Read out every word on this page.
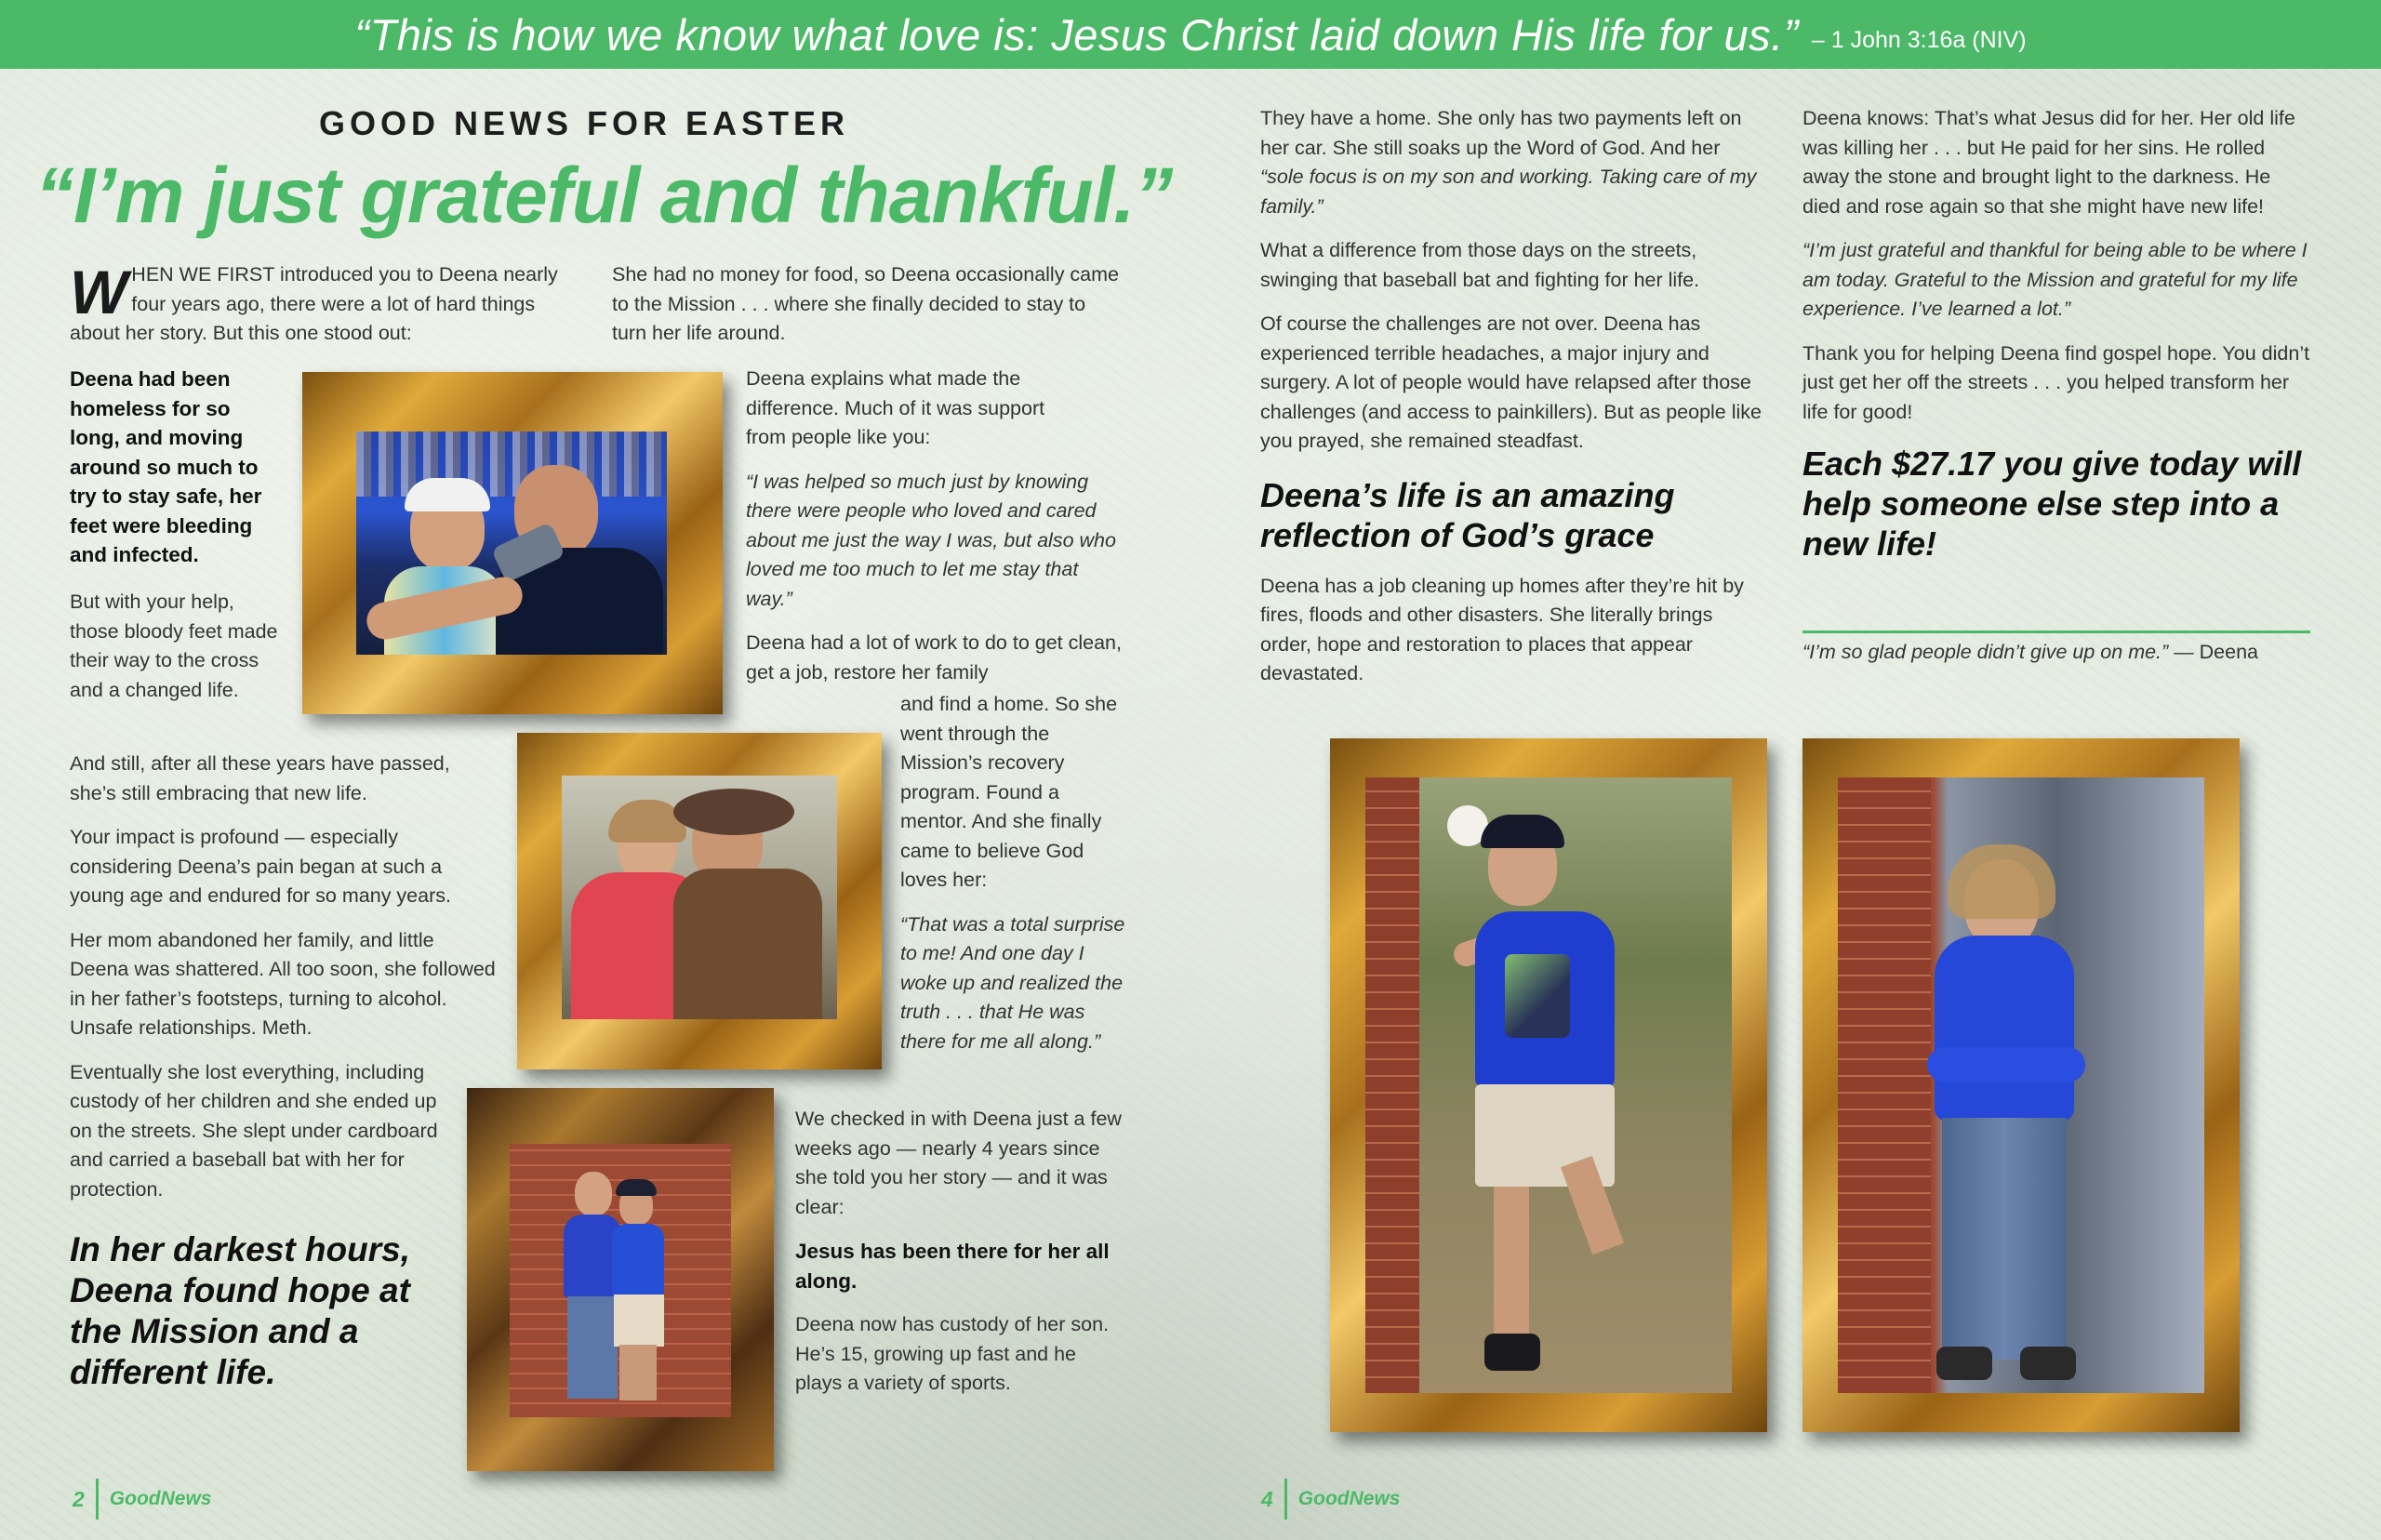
“This is how we know what love is: Jesus Christ laid down His life for us.” – 1 John 3:16a (NIV)
GOOD NEWS FOR EASTER
“I’m just grateful and thankful.”

WHEN WE FIRST introduced you to Deena nearly four years ago, there were a lot of hard things about her story. But this one stood out:

Deena had been homeless for so long, and moving around so much to try to stay safe, her feet were bleeding and infected.

But with your help, those bloody feet made their way to the cross and a changed life.

And still, after all these years have passed, she’s still embracing that new life.

Your impact is profound — especially considering Deena’s pain began at such a young age and endured for so many years.

Her mom abandoned her family, and little Deena was shattered. All too soon, she followed in her father’s footsteps, turning to alcohol. Unsafe relationships. Meth.

Eventually she lost everything, including custody of her children and she ended up on the streets. She slept under cardboard and carried a baseball bat with her for protection.

In her darkest hours, Deena found hope at the Mission and a different life.

She had no money for food, so Deena occasionally came to the Mission . . . where she finally decided to stay to turn her life around.

Deena explains what made the difference. Much of it was support from people like you:

“I was helped so much just by knowing there were people who loved and cared about me just the way I was, but also who loved me too much to let me stay that way.”

Deena had a lot of work to do to get clean, get a job, restore her family

and find a home. So she went through the Mission’s recovery program. Found a mentor. And she finally came to believe God loves her:

“That was a total surprise to me! And one day I woke up and realized the truth . . . that He was there for me all along.”

We checked in with Deena just a few weeks ago — nearly 4 years since she told you her story — and it was clear:

Jesus has been there for her all along.

Deena now has custody of her son. He’s 15, growing up fast and he plays a variety of sports.

2 GoodNews

They have a home. She only has two payments left on her car. She still soaks up the Word of God. And her “sole focus is on my son and working. Taking care of my family.”

What a difference from those days on the streets, swinging that baseball bat and fighting for her life.

Of course the challenges are not over. Deena has experienced terrible headaches, a major injury and surgery. A lot of people would have relapsed after those challenges (and access to painkillers). But as people like you prayed, she remained steadfast.

Deena’s life is an amazing reflection of God’s grace

Deena has a job cleaning up homes after they’re hit by fires, floods and other disasters. She literally brings order, hope and restoration to places that appear devastated.

Deena knows: That’s what Jesus did for her. Her old life was killing her . . . but He paid for her sins. He rolled away the stone and brought light to the darkness. He died and rose again so that she might have new life!

“I’m just grateful and thankful for being able to be where I am today. Grateful to the Mission and grateful for my life experience. I’ve learned a lot.”

Thank you for helping Deena find gospel hope. You didn’t just get her off the streets . . . you helped transform her life for good!

Each $27.17 you give today will help someone else step into a new life!

“I’m so glad people didn’t give up on me.” — Deena

4 GoodNews
